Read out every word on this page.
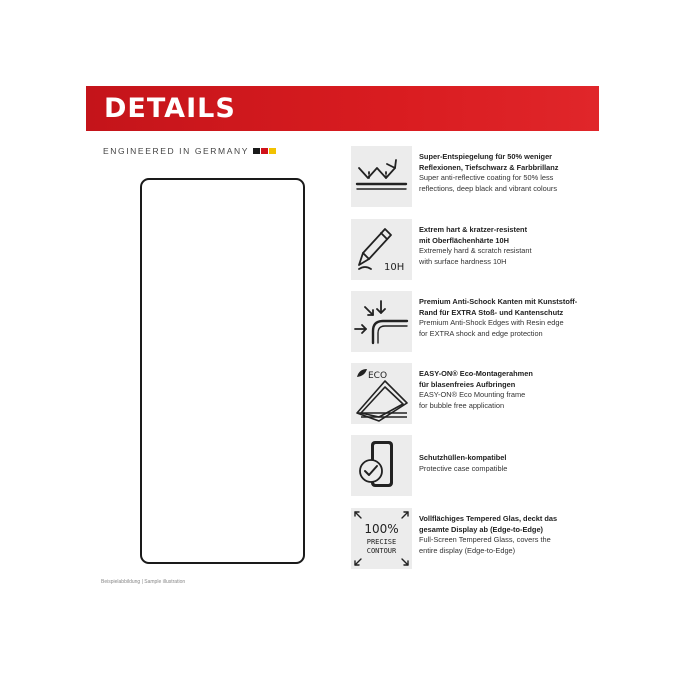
DETAILS
ENGINEERED IN GERMANY
Beispielabbildung | Sample illustration
Super-Entspiegelung für 50% weniger
Reflexionen, Tiefschwarz & Farbbrillanz
Super anti-reflective coating for 50% less
reflections, deep black and vibrant colours
10H
Extrem hart & kratzer-resistent
mit Oberflächenhärte 10H
Extremely hard & scratch resistant
with surface hardness 10H
Premium Anti-Schock Kanten mit Kunststoff-
Rand für EXTRA Stoß- und Kantenschutz
Premium Anti-Shock Edges with Resin edge
for EXTRA shock and edge protection
ECO	EASY-ON® Eco-Montagerahmen
für blasenfreies Aufbringen
EASY-ON® Eco Mounting frame
for bubble free application
Schutzhüllen-kompatibel
Protective case compatible
100%
PRECISE
CONTOUR
Vollflächiges Tempered Glas, deckt das
gesamte Display ab (Edge-to-Edge)
Full-Screen Tempered Glass, covers the
entire display (Edge-to-Edge)
